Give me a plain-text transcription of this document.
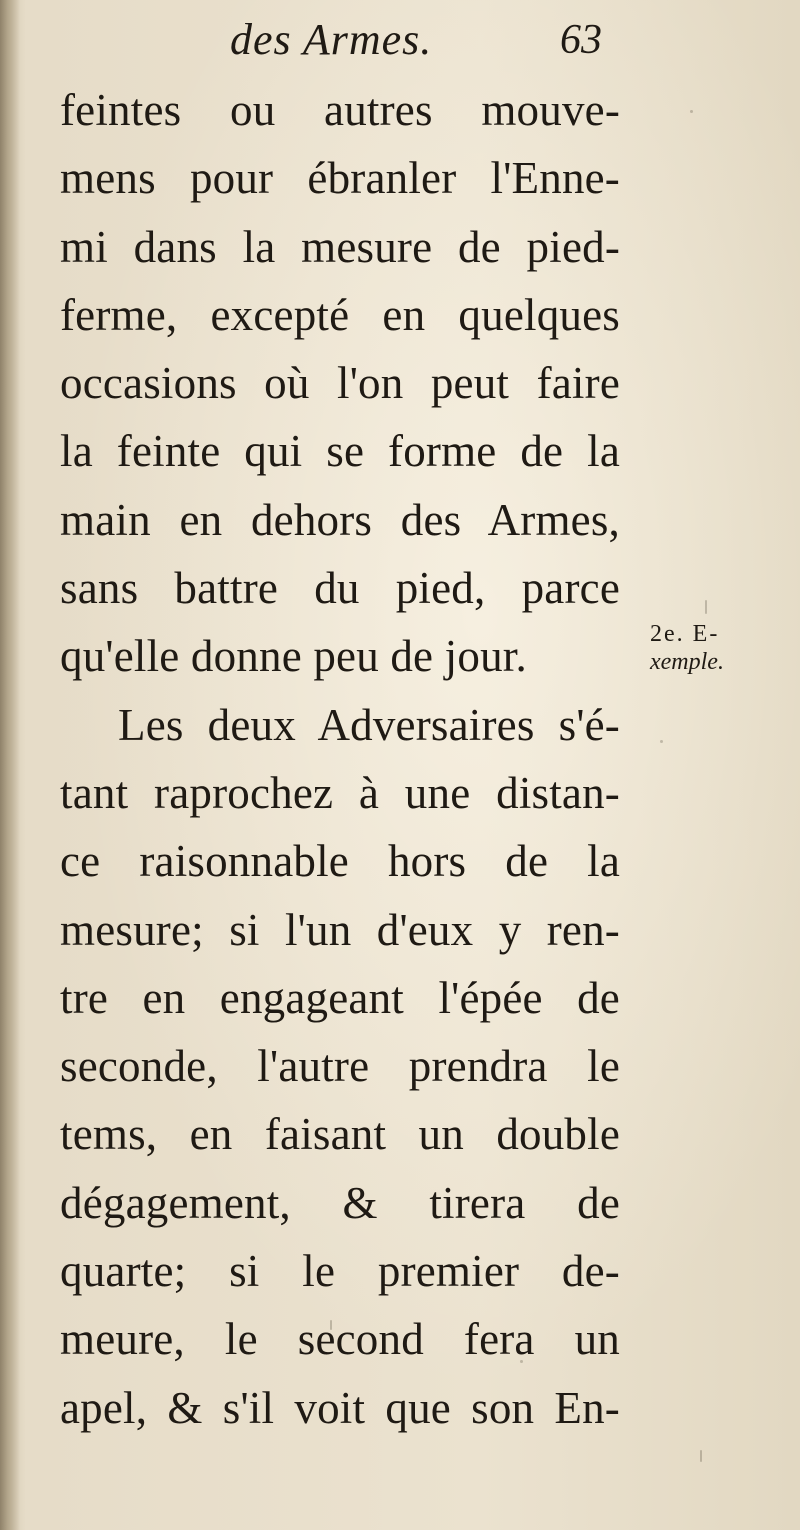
des Armes.	63
feintes ou autres mouve-
mens pour ébranler l'Enne-
mi dans la mesure de pied-
ferme, excepté en quelques
occasions où l'on peut faire
la feinte qui se forme de la
main en dehors des Armes,
sans battre du pied, parce
qu'elle donne peu de jour.
Les deux Adversaires s'é-
tant raprochez à une distan-
ce raisonnable hors de la
mesure; si l'un d'eux y ren-
tre en engageant l'épée de
seconde, l'autre prendra le
tems, en faisant un double
dégagement, & tirera de
quarte; si le premier de-
meure, le second fera un
apel, & s'il voit que son En-
2e. E-
xemple.
